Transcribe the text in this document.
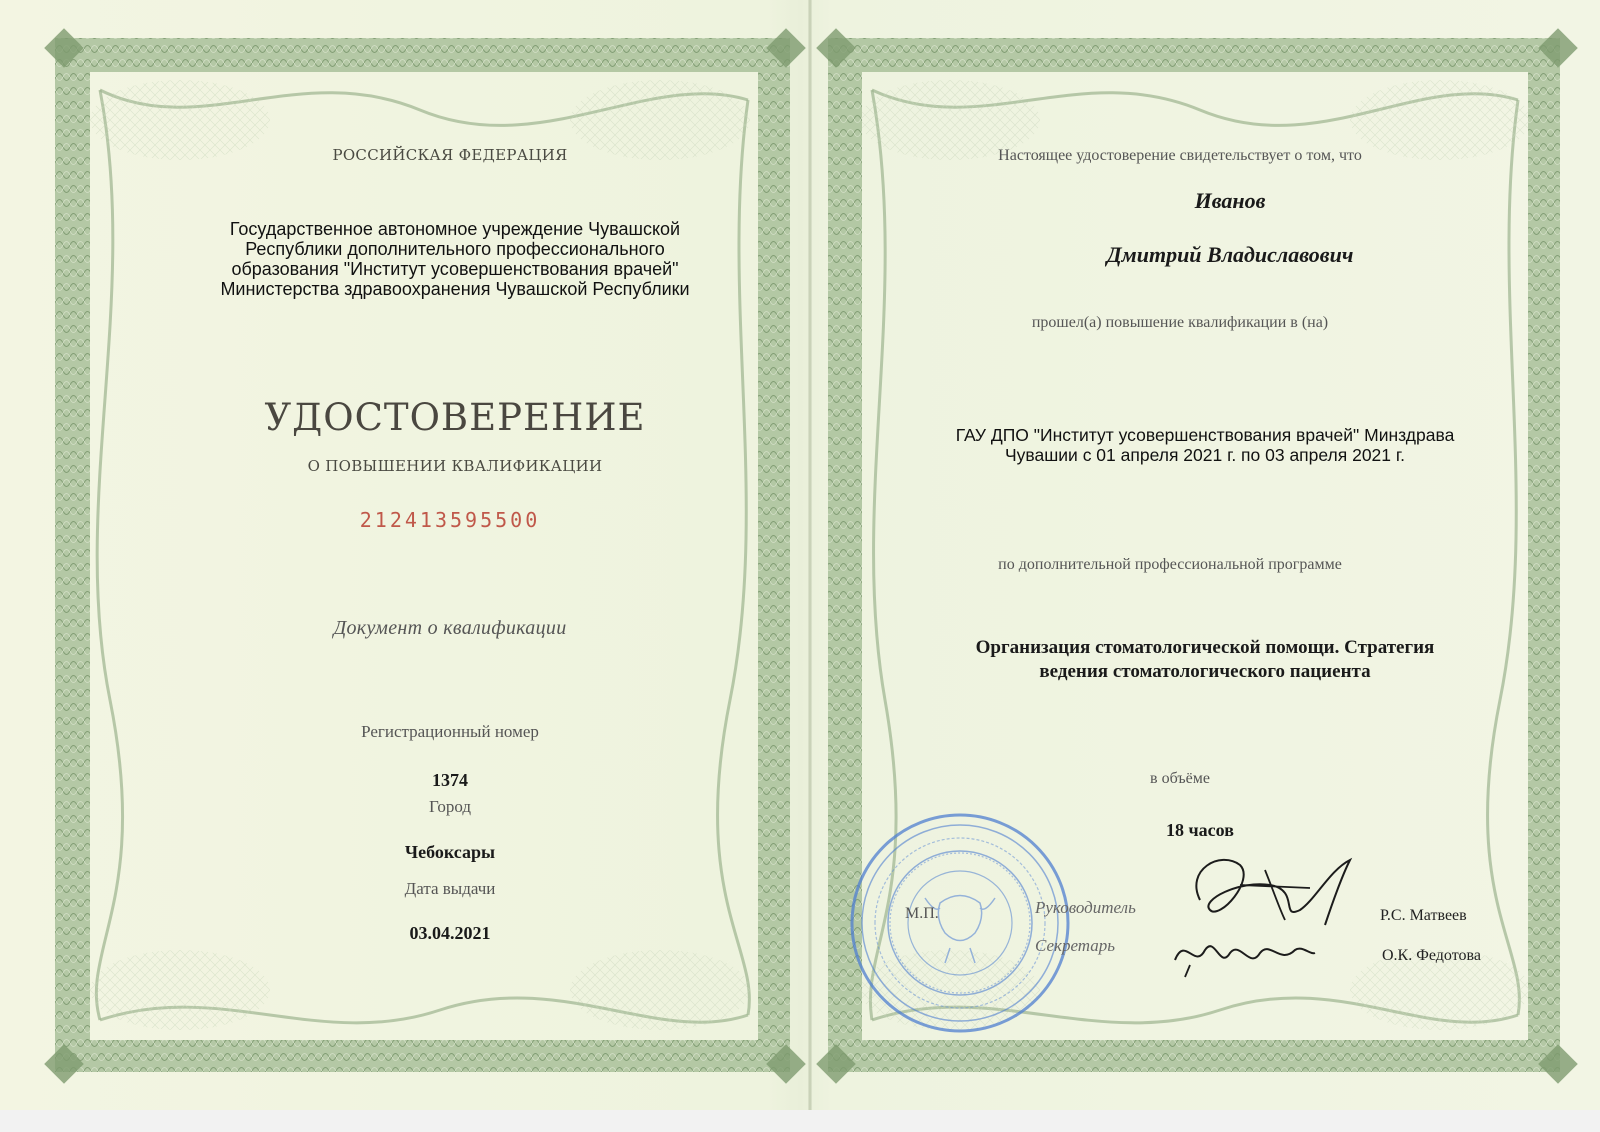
РОССИЙСКАЯ ФЕДЕРАЦИЯ
Государственное автономное учреждение Чувашской
Республики дополнительного профессионального
образования "Институт усовершенствования врачей"
Министерства здравоохранения Чувашской Республики
УДОСТОВЕРЕНИЕ
О ПОВЫШЕНИИ КВАЛИФИКАЦИИ
212413595500
Документ о квалификации
Регистрационный номер
1374
Город
Чебоксары
Дата выдачи
03.04.2021
Настоящее удостоверение свидетельствует о том, что
Иванов
Дмитрий Владиславович
прошел(а) повышение квалификации в (на)
ГАУ ДПО "Институт усовершенствования врачей" Минздрава
Чувашии с 01 апреля 2021 г. по 03 апреля 2021 г.
по дополнительной профессиональной программе
Организация стоматологической помощи. Стратегия
ведения стоматологического пациента
в объёме
18 часов
М.П.	Руководитель
Секретарь
Р.С. Матвеев
О.К. Федотова
